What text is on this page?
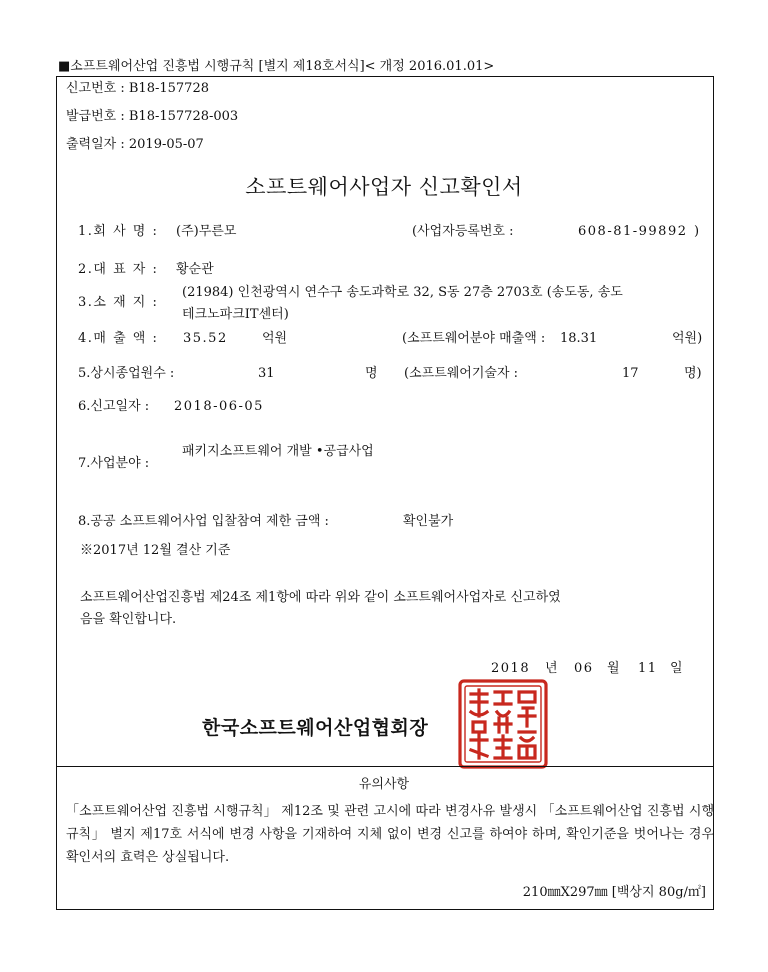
■소프트웨어산업 진흥법 시행규칙 [별지 제18호서식]< 개정 2016.01.01>
신고번호 : B18-157728
발급번호 : B18-157728-003
출력일자 : 2019-05-07
소프트웨어사업자 신고확인서
1.회 사 명 : (주)무른모	(사업자등록번호 :	608-81-99892 )
2.대 표 자 : 황순관
3.소 재 지 :
(21984) 인천광역시 연수구 송도과학로 32, S동 27층 2703호 (송도동, 송도
테크노파크IT센터)
4.매 출 액 : 35.52	억원	(소프트웨어분야 매출액 : 18.31	억원)
5.상시종업원수 :	31	명 (소프트웨어기술자 :	17	명)
6.신고일자 : 2018-06-05
7.사업분야 :
패키지소프트웨어 개발 •공급사업
8.공공 소프트웨어사업 입찰참여 제한 금액 :	확인불가
※2017년 12월 결산 기준
소프트웨어산업진흥법 제24조 제1항에 따라 위와 같이 소프트웨어사업자로 신고하였
음을 확인합니다.
2018 년 06 월 11 일
한국소프트웨어산업협회장
유의사항
「소프트웨어산업 진흥법 시행규칙」 제12조 및 관련 고시에 따라 변경사유 발생시 「소프트웨어산업 진흥법 시행규칙」 별지 제17호 서식에 변경 사항을 기재하여 지체 없이 변경 신고를 하여야 하며, 확인기준을 벗어나는 경우 확인서의 효력은 상실됩니다.
210㎜X297㎜ [백상지 80g/㎡]
